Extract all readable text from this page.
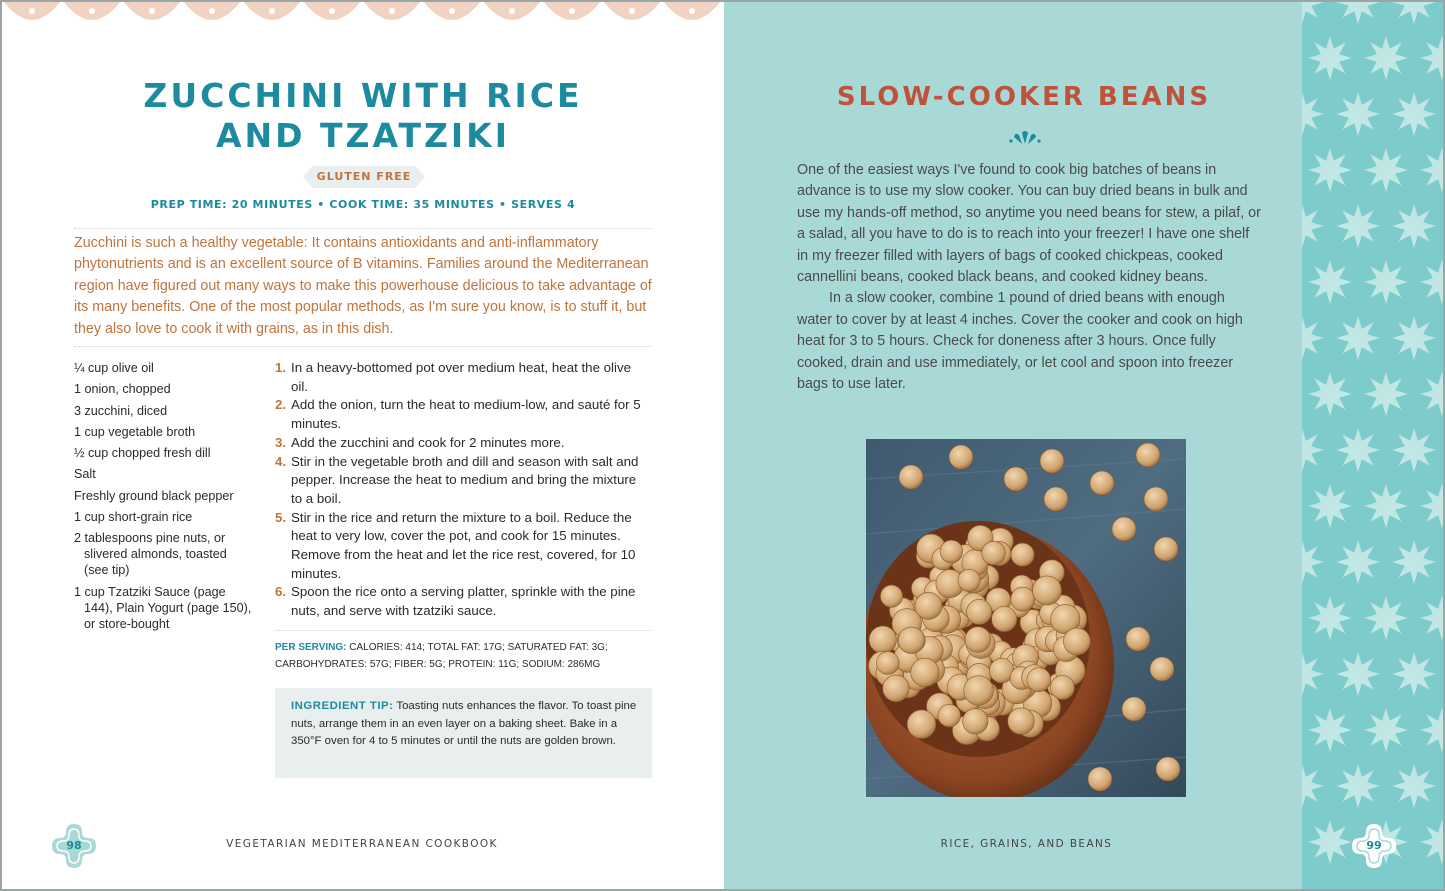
ZUCCHINI WITH RICE
AND TZATZIKI
GLUTEN FREE
PREP TIME: 20 MINUTES • COOK TIME: 35 MINUTES • SERVES 4

Zucchini is such a healthy vegetable: It contains antioxidants and anti-inflammatory phytonutrients and is an excellent source of B vitamins. Families around the Mediterranean region have figured out many ways to make this powerhouse delicious to take advantage of its many benefits. One of the most popular methods, as I'm sure you know, is to stuff it, but they also love to cook it with grains, as in this dish.

¼ cup olive oil
1 onion, chopped
3 zucchini, diced
1 cup vegetable broth
½ cup chopped fresh dill
Salt
Freshly ground black pepper
1 cup short-grain rice
2 tablespoons pine nuts, or slivered almonds, toasted (see tip)
1 cup Tzatziki Sauce (page 144), Plain Yogurt (page 150), or store-bought
1. In a heavy-bottomed pot over medium heat, heat the olive oil.
2. Add the onion, turn the heat to medium-low, and sauté for 5 minutes.
3. Add the zucchini and cook for 2 minutes more.
4. Stir in the vegetable broth and dill and season with salt and pepper. Increase the heat to medium and bring the mixture to a boil.
5. Stir in the rice and return the mixture to a boil. Reduce the heat to very low, cover the pot, and cook for 15 minutes. Remove from the heat and let the rice rest, covered, for 10 minutes.
6. Spoon the rice onto a serving platter, sprinkle with the pine nuts, and serve with tzatziki sauce.

PER SERVING: CALORIES: 414; TOTAL FAT: 17G; SATURATED FAT: 3G; CARBOHYDRATES: 57G; FIBER: 5G; PROTEIN: 11G; SODIUM: 286MG

INGREDIENT TIP: Toasting nuts enhances the flavor. To toast pine nuts, arrange them in an even layer on a baking sheet. Bake in a 350°F oven for 4 to 5 minutes or until the nuts are golden brown.
98	VEGETARIAN MEDITERRANEAN COOKBOOK
SLOW-COOKER BEANS

One of the easiest ways I've found to cook big batches of beans in advance is to use my slow cooker. You can buy dried beans in bulk and use my hands-off method, so anytime you need beans for stew, a pilaf, or a salad, all you have to do is to reach into your freezer! I have one shelf in my freezer filled with layers of bags of cooked chickpeas, cooked cannellini beans, cooked black beans, and cooked kidney beans.

In a slow cooker, combine 1 pound of dried beans with enough water to cover by at least 4 inches. Cover the cooker and cook on high heat for 3 to 5 hours. Check for doneness after 3 hours. Once fully cooked, drain and use immediately, or let cool and spoon into freezer bags to use later.

99
RICE, GRAINS, AND BEANS
